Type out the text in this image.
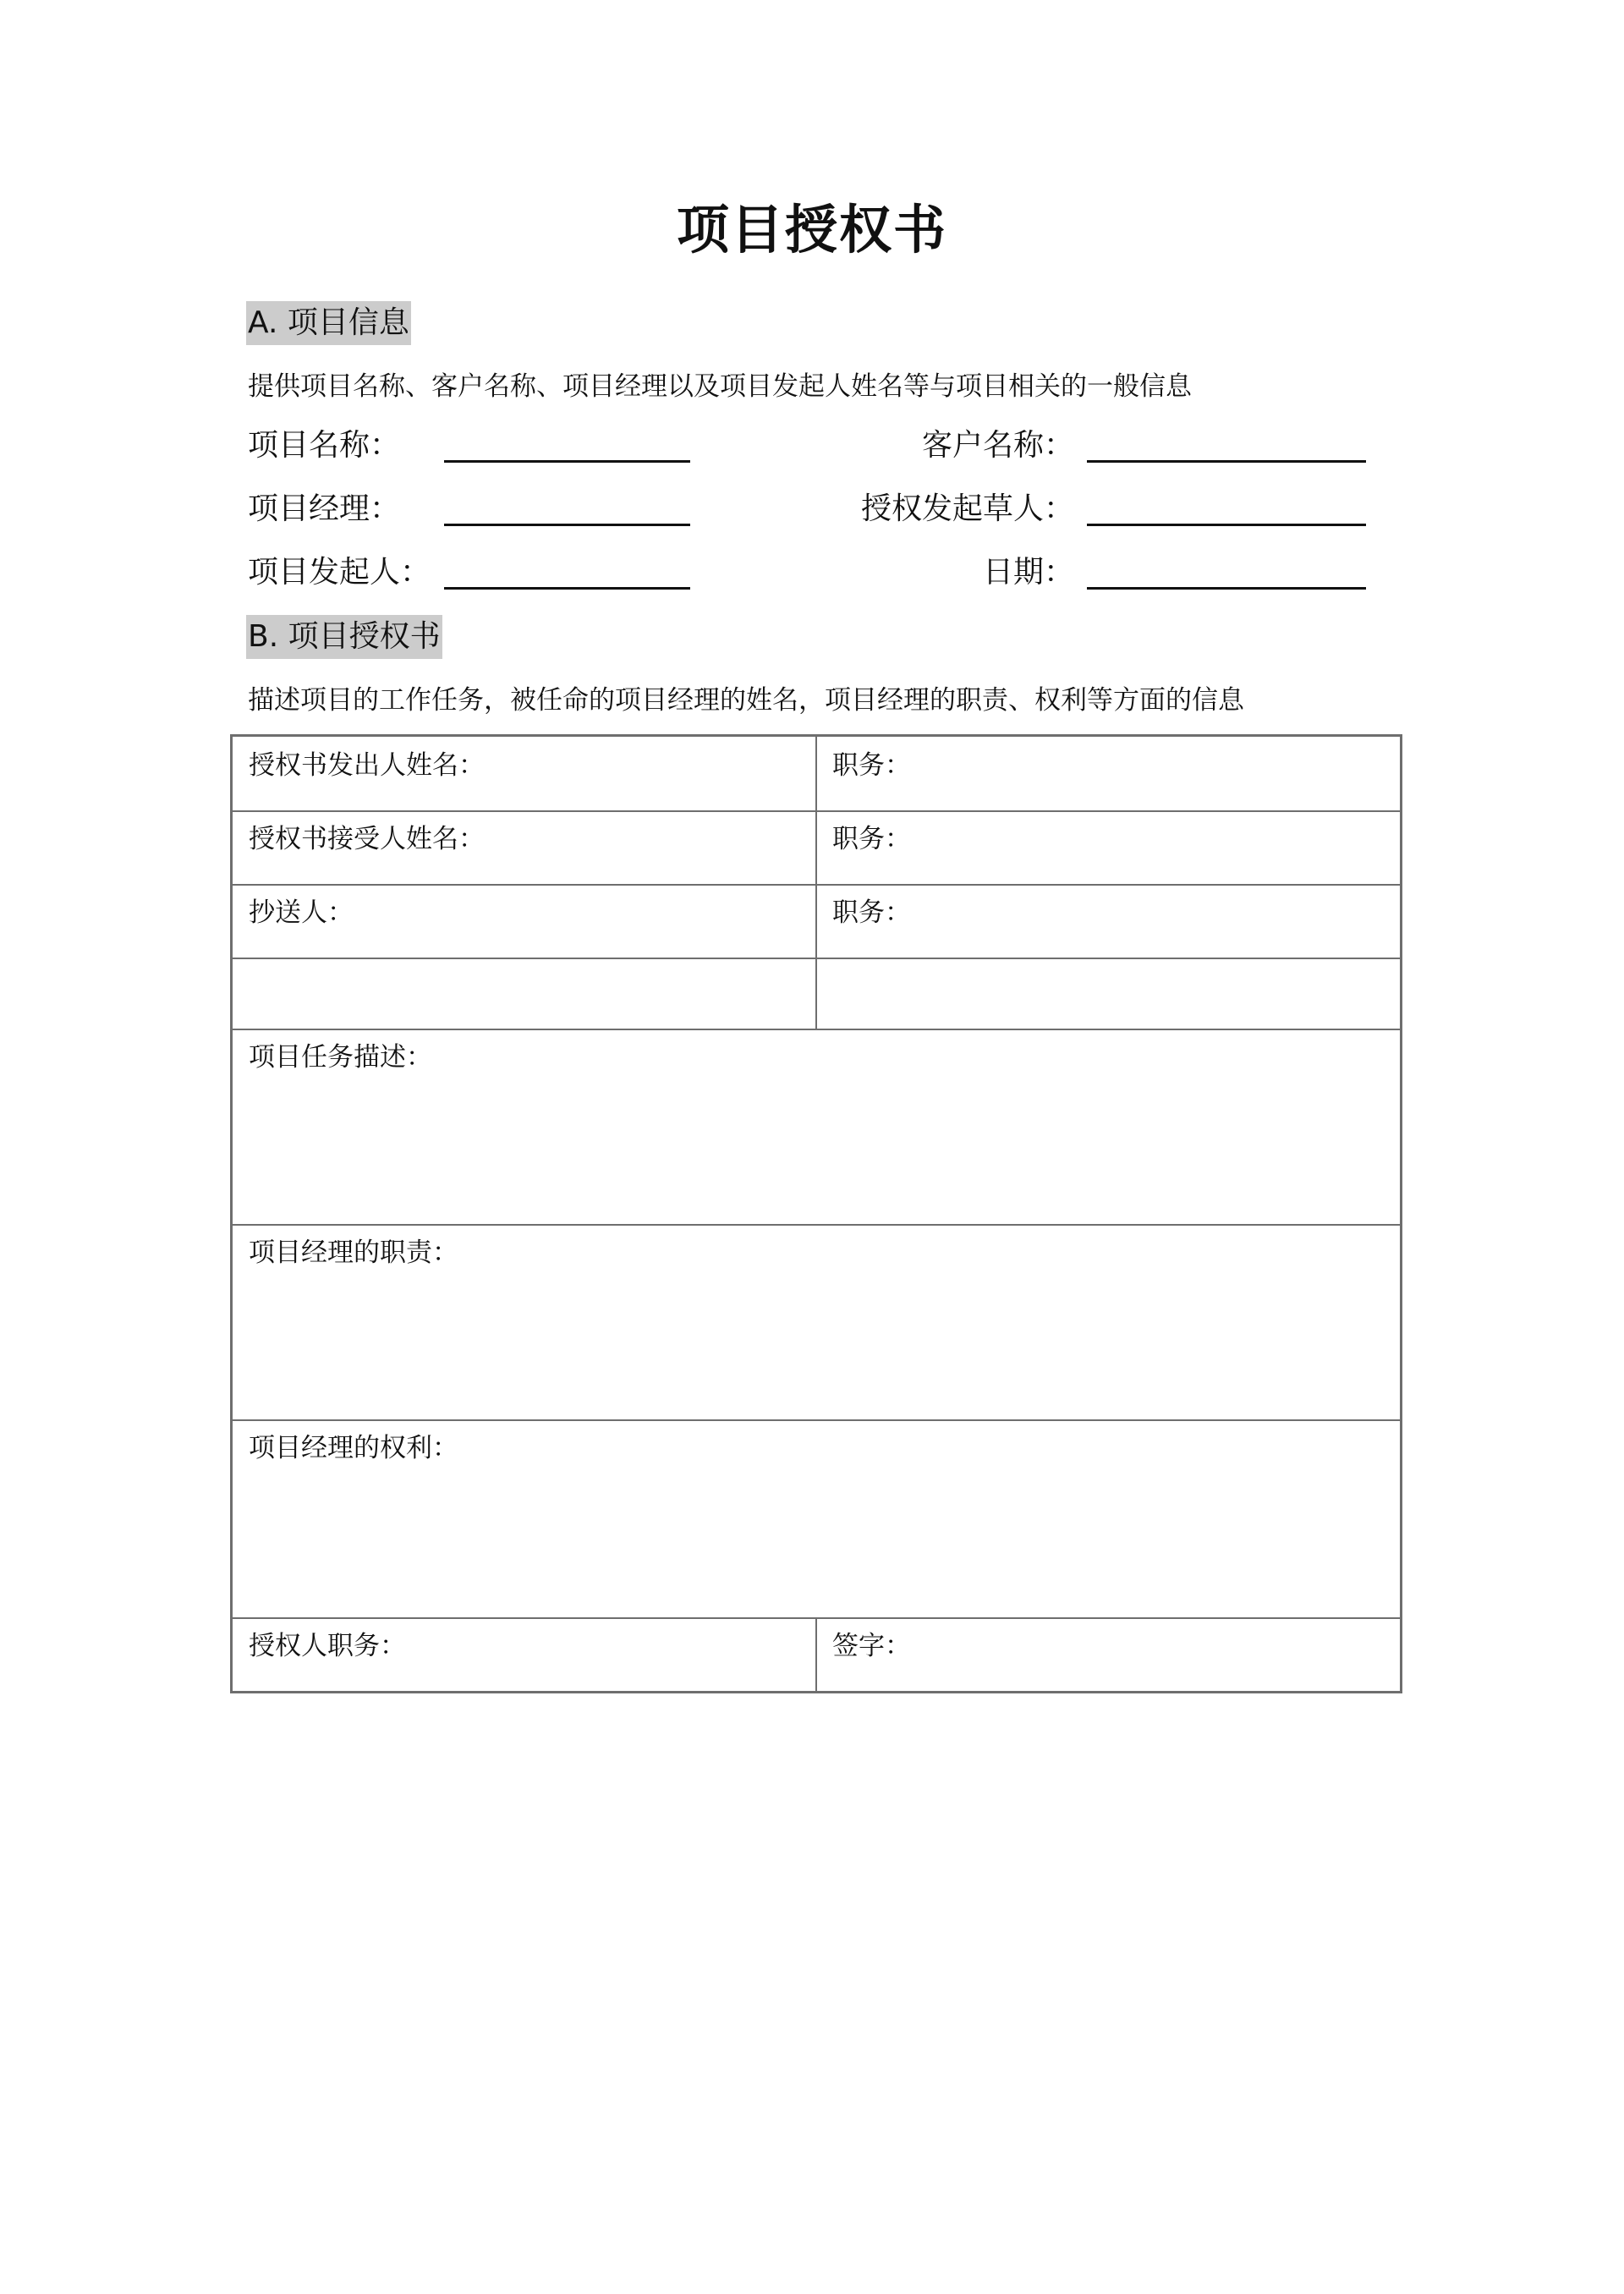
项目授权书
A. 项目信息
提供项目名称、客户名称、项目经理以及项目发起人姓名等与项目相关的一般信息
项目名称：	客户名称：
项目经理：	授权发起草人：
项目发起人：	日期：
B. 项目授权书
描述项目的工作任务，被任命的项目经理的姓名，项目经理的职责、权利等方面的信息
授权书发出人姓名：	职务：
授权书接受人姓名：	职务：
抄送人：	职务：
项目任务描述：
项目经理的职责：
项目经理的权利：
授权人职务：	签字：
